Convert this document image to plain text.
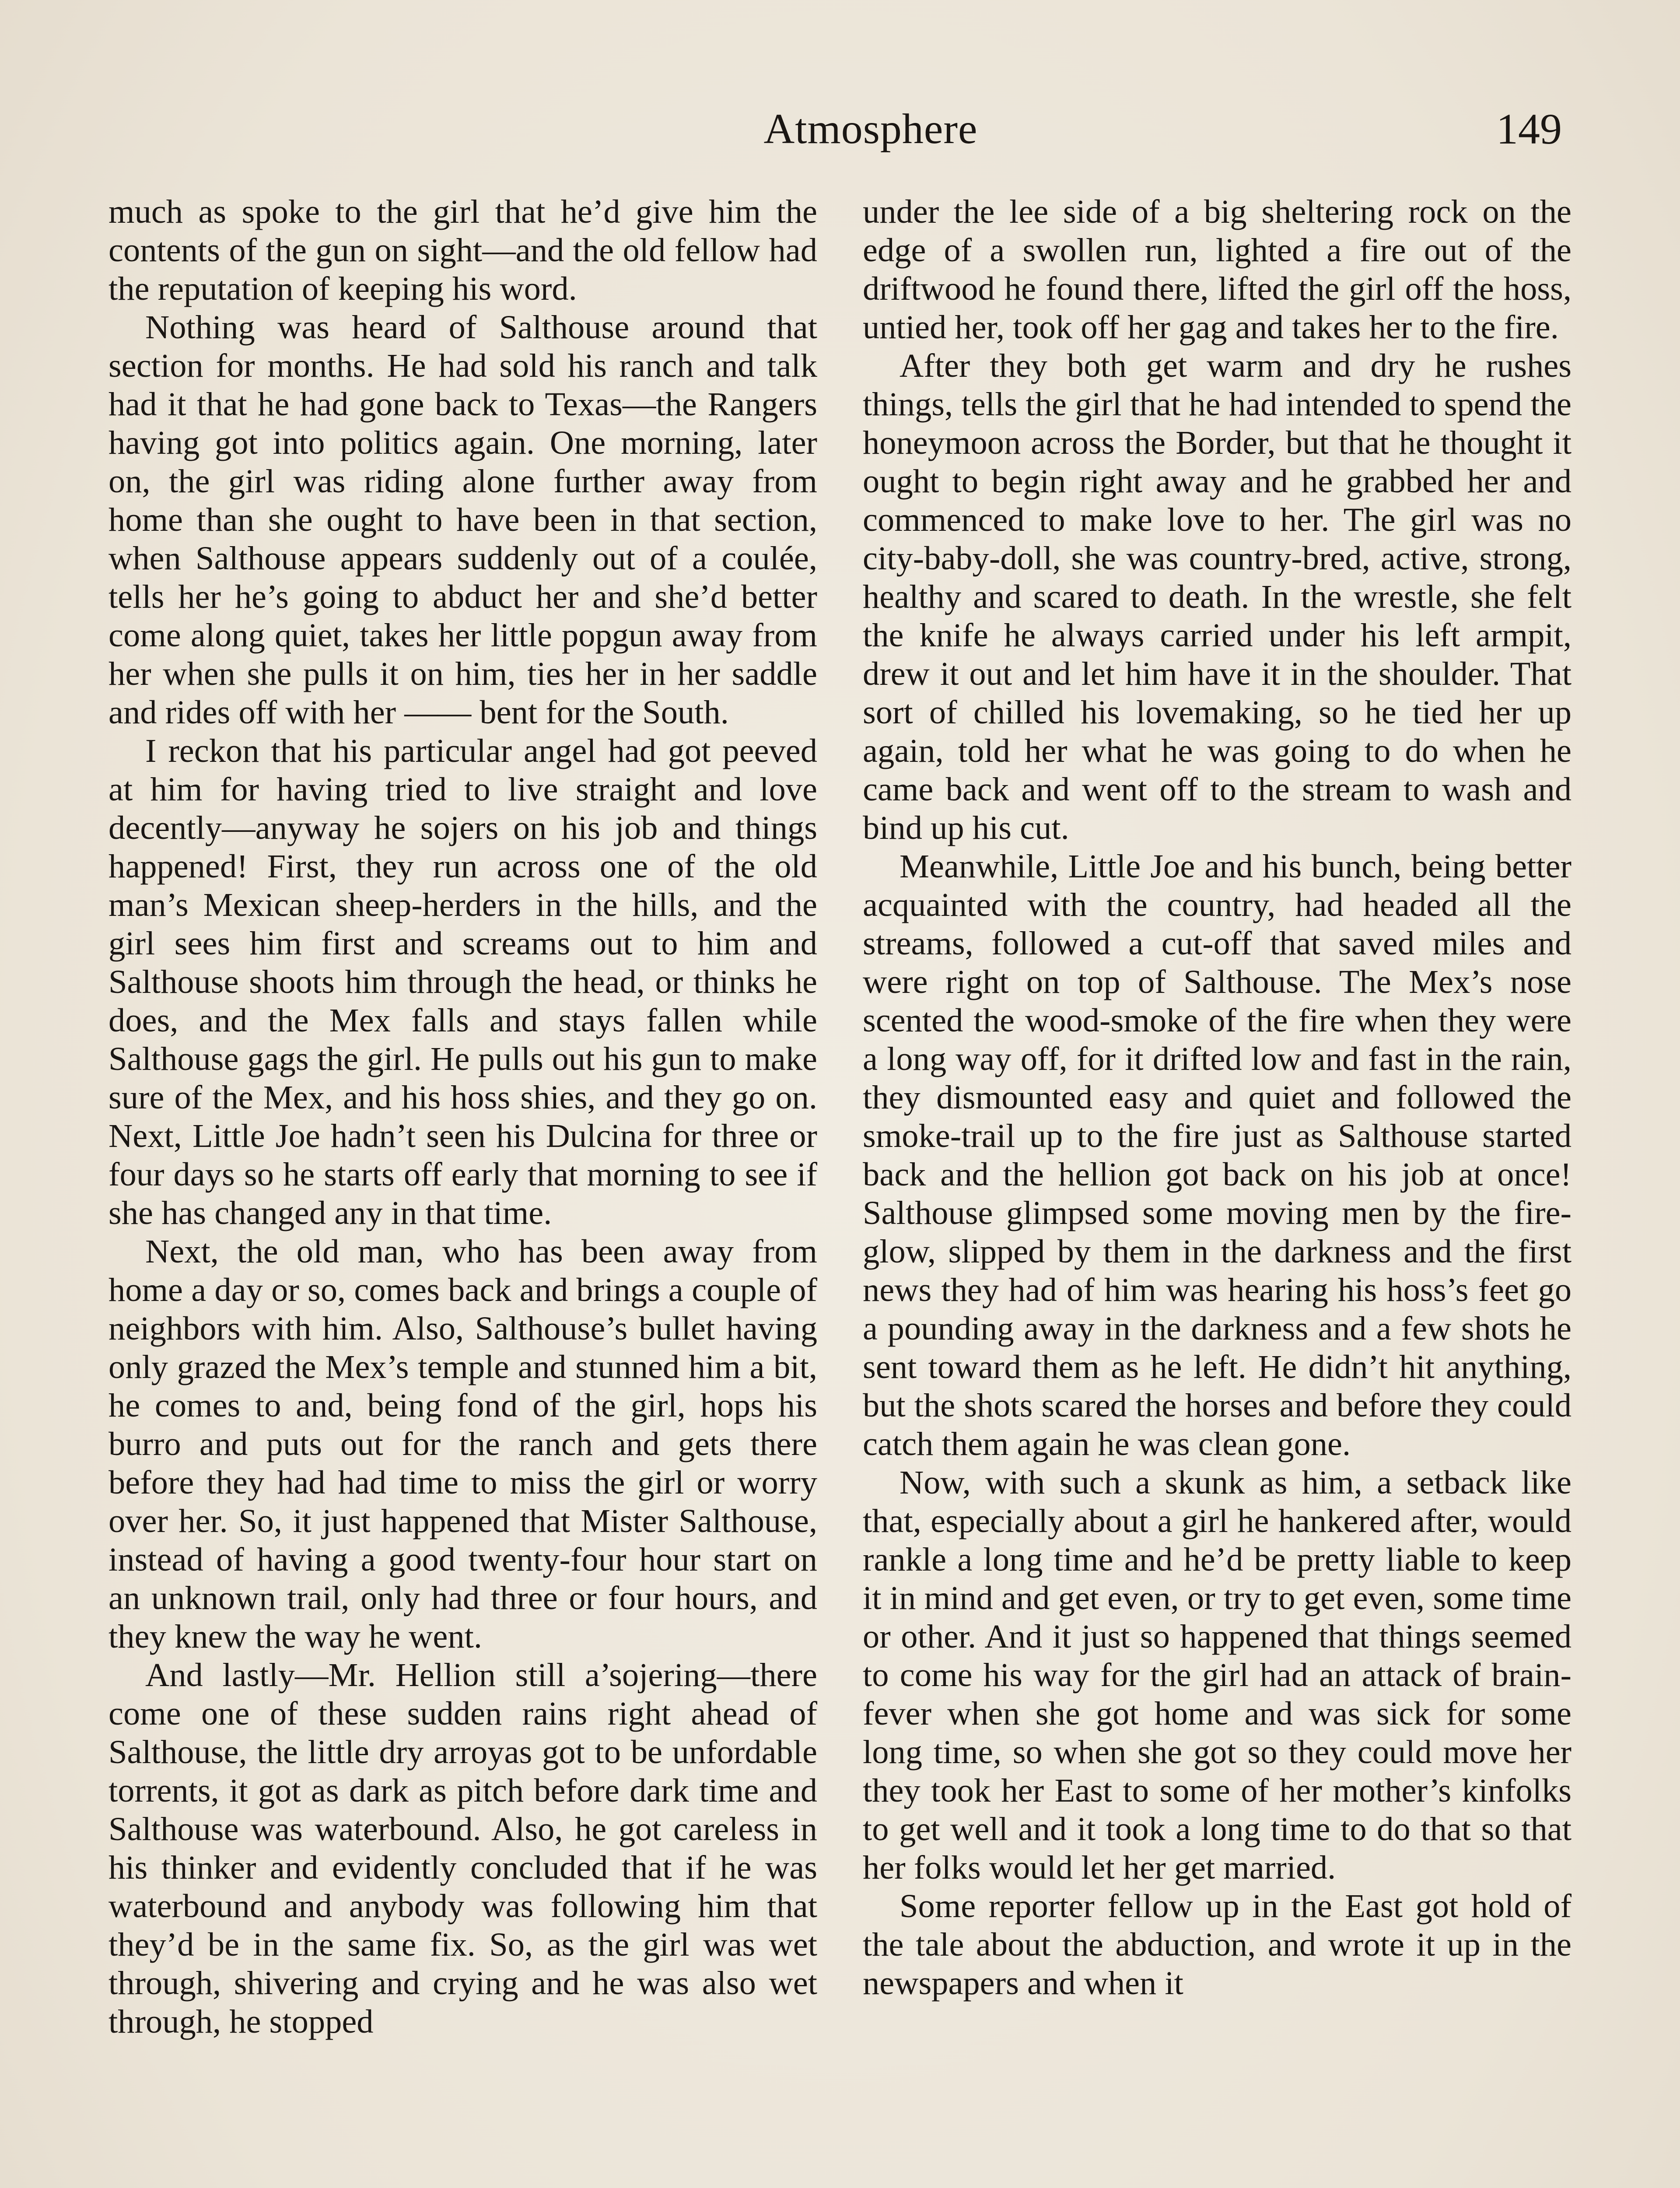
Atmosphere	149

much as spoke to the girl that he’d give him the contents of the gun on sight—and the old fellow had the reputation of keeping his word.

Nothing was heard of Salthouse around that section for months. He had sold his ranch and talk had it that he had gone back to Texas—the Rangers having got into politics again. One morning, later on, the girl was riding alone further away from home than she ought to have been in that section, when Salthouse appears suddenly out of a coulée, tells her he’s going to abduct her and she’d better come along quiet, takes her little popgun away from her when she pulls it on him, ties her in her saddle and rides off with her —— bent for the South.

I reckon that his particular angel had got peeved at him for having tried to live straight and love decently—anyway he sojers on his job and things happened! First, they run across one of the old man’s Mexican sheep-herders in the hills, and the girl sees him first and screams out to him and Salthouse shoots him through the head, or thinks he does, and the Mex falls and stays fallen while Salthouse gags the girl. He pulls out his gun to make sure of the Mex, and his hoss shies, and they go on. Next, Little Joe hadn’t seen his Dulcina for three or four days so he starts off early that morning to see if she has changed any in that time.

Next, the old man, who has been away from home a day or so, comes back and brings a couple of neighbors with him. Also, Salthouse’s bullet having only grazed the Mex’s temple and stunned him a bit, he comes to and, being fond of the girl, hops his burro and puts out for the ranch and gets there before they had had time to miss the girl or worry over her. So, it just happened that Mister Salthouse, instead of having a good twenty-four hour start on an unknown trail, only had three or four hours, and they knew the way he went.

And lastly—Mr. Hellion still a’sojering—there come one of these sudden rains right ahead of Salthouse, the little dry arroyas got to be unfordable torrents, it got as dark as pitch before dark time and Salthouse was waterbound. Also, he got careless in his thinker and evidently concluded that if he was waterbound and anybody was following him that they’d be in the same fix. So, as the girl was wet through, shivering and crying and he was also wet through, he stopped

under the lee side of a big sheltering rock on the edge of a swollen run, lighted a fire out of the driftwood he found there, lifted the girl off the hoss, untied her, took off her gag and takes her to the fire.

After they both get warm and dry he rushes things, tells the girl that he had intended to spend the honeymoon across the Border, but that he thought it ought to begin right away and he grabbed her and commenced to make love to her. The girl was no city-baby-doll, she was country-bred, active, strong, healthy and scared to death. In the wrestle, she felt the knife he always carried under his left armpit, drew it out and let him have it in the shoulder. That sort of chilled his lovemaking, so he tied her up again, told her what he was going to do when he came back and went off to the stream to wash and bind up his cut.

Meanwhile, Little Joe and his bunch, being better acquainted with the country, had headed all the streams, followed a cut-off that saved miles and were right on top of Salthouse. The Mex’s nose scented the wood-smoke of the fire when they were a long way off, for it drifted low and fast in the rain, they dismounted easy and quiet and followed the smoke-trail up to the fire just as Salthouse started back and the hellion got back on his job at once! Salthouse glimpsed some moving men by the fire-glow, slipped by them in the darkness and the first news they had of him was hearing his hoss’s feet go a pounding away in the darkness and a few shots he sent toward them as he left. He didn’t hit anything, but the shots scared the horses and before they could catch them again he was clean gone.

Now, with such a skunk as him, a setback like that, especially about a girl he hankered after, would rankle a long time and he’d be pretty liable to keep it in mind and get even, or try to get even, some time or other. And it just so happened that things seemed to come his way for the girl had an attack of brain-fever when she got home and was sick for some long time, so when she got so they could move her they took her East to some of her mother’s kinfolks to get well and it took a long time to do that so that her folks would let her get married.

Some reporter fellow up in the East got hold of the tale about the abduction, and wrote it up in the newspapers and when it
